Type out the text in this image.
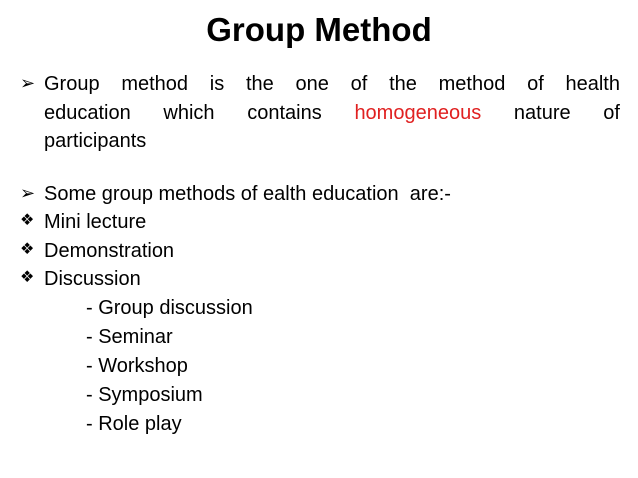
Group Method
➢ Group method is the one of the method of health
education which contains homogeneous nature of
participants
➢ Some group methods of ealth education  are:-
❖ Mini lecture
❖ Demonstration
❖ Discussion
- Group discussion
- Seminar
- Workshop
- Symposium
- Role play
